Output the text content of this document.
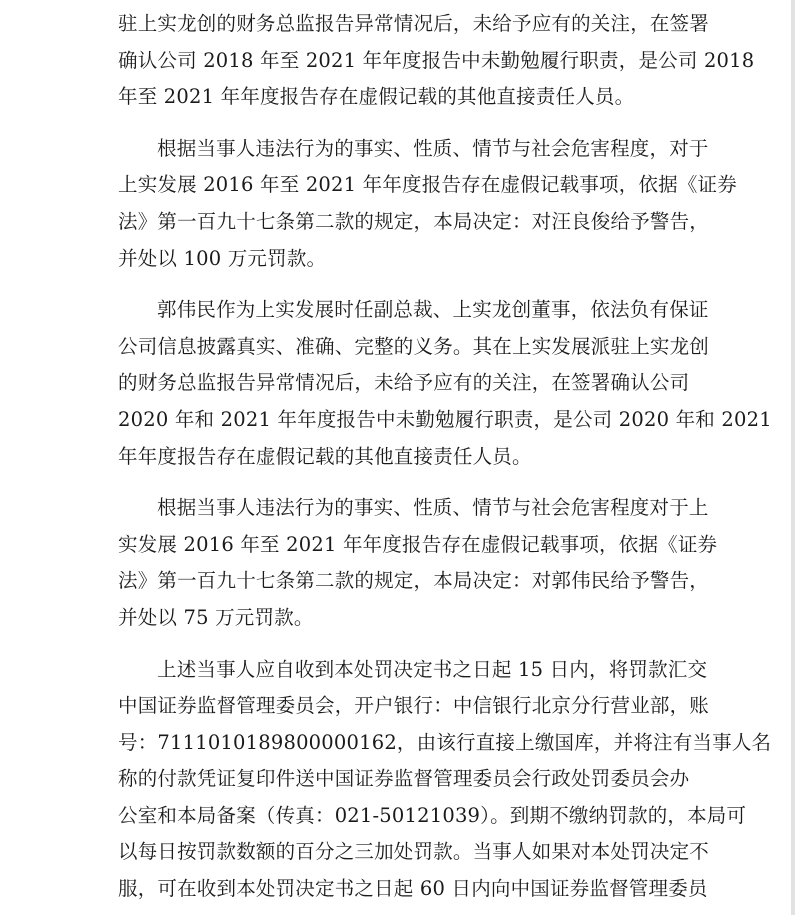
驻上实龙创的财务总监报告异常情况后，未给予应有的关注，在签署
确认公司 2018 年至 2021 年年度报告中未勤勉履行职责，是公司 2018
年至 2021 年年度报告存在虚假记载的其他直接责任人员。
根据当事人违法行为的事实、性质、情节与社会危害程度，对于
上实发展 2016 年至 2021 年年度报告存在虚假记载事项，依据《证券
法》第一百九十七条第二款的规定，本局决定：对汪良俊给予警告，
并处以 100 万元罚款。
郭伟民作为上实发展时任副总裁、上实龙创董事，依法负有保证
公司信息披露真实、准确、完整的义务。其在上实发展派驻上实龙创
的财务总监报告异常情况后，未给予应有的关注，在签署确认公司
2020 年和 2021 年年度报告中未勤勉履行职责，是公司 2020 年和 2021
年年度报告存在虚假记载的其他直接责任人员。
根据当事人违法行为的事实、性质、情节与社会危害程度对于上
实发展 2016 年至 2021 年年度报告存在虚假记载事项，依据《证券
法》第一百九十七条第二款的规定，本局决定：对郭伟民给予警告，
并处以 75 万元罚款。
上述当事人应自收到本处罚决定书之日起 15 日内，将罚款汇交
中国证券监督管理委员会，开户银行：中信银行北京分行营业部，账
号：7111010189800000162，由该行直接上缴国库，并将注有当事人名
称的付款凭证复印件送中国证券监督管理委员会行政处罚委员会办
公室和本局备案（传真：021-50121039）。到期不缴纳罚款的，本局可
以每日按罚款数额的百分之三加处罚款。当事人如果对本处罚决定不
服，可在收到本处罚决定书之日起 60 日内向中国证券监督管理委员
